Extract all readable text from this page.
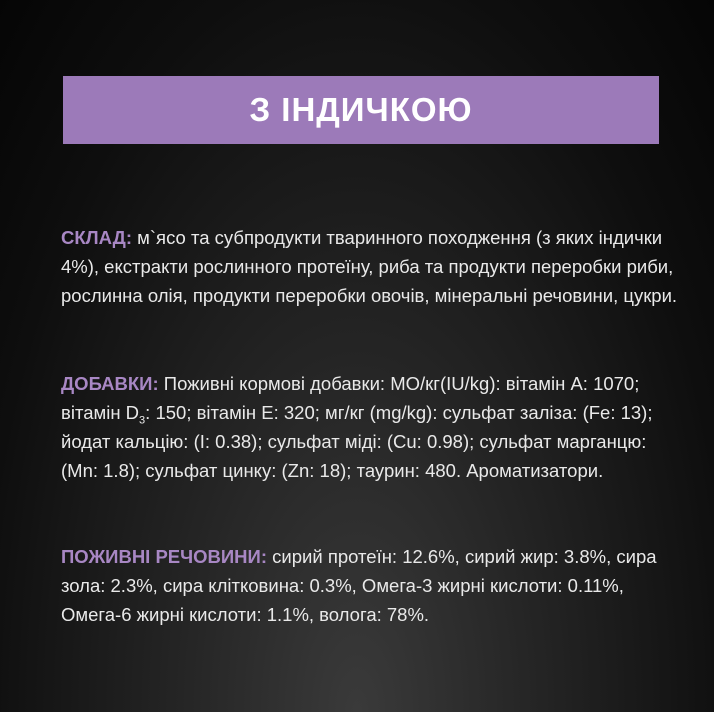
З ІНДИЧКОЮ
СКЛАД: м`ясо та субпродукти тваринного походження (з яких індички 4%), екстракти рослинного протеїну, риба та продукти переробки риби, рослинна олія, продукти переробки овочів, мінеральні речовини, цукри.
ДОБАВКИ: Поживні кормові добавки: МО/кг(IU/kg): вітамін A: 1070; вітамін $D_3$: 150; вітамін E: 320; мг/кг (mg/kg): сульфат заліза: (Fe: 13); йодат кальцію: (I: 0.38); сульфат міді: (Cu: 0.98); сульфат марганцю: (Mn: 1.8); сульфат цинку: (Zn: 18); таурин: 480. Ароматизатори.
ПОЖИВНІ РЕЧОВИНИ: сирий протеїн: 12.6%, сирий жир: 3.8%, сира зола: 2.3%, сира клітковина: 0.3%, Омега-3 жирні кислоти: 0.11%, Омега-6 жирні кислоти: 1.1%, волога: 78%.
